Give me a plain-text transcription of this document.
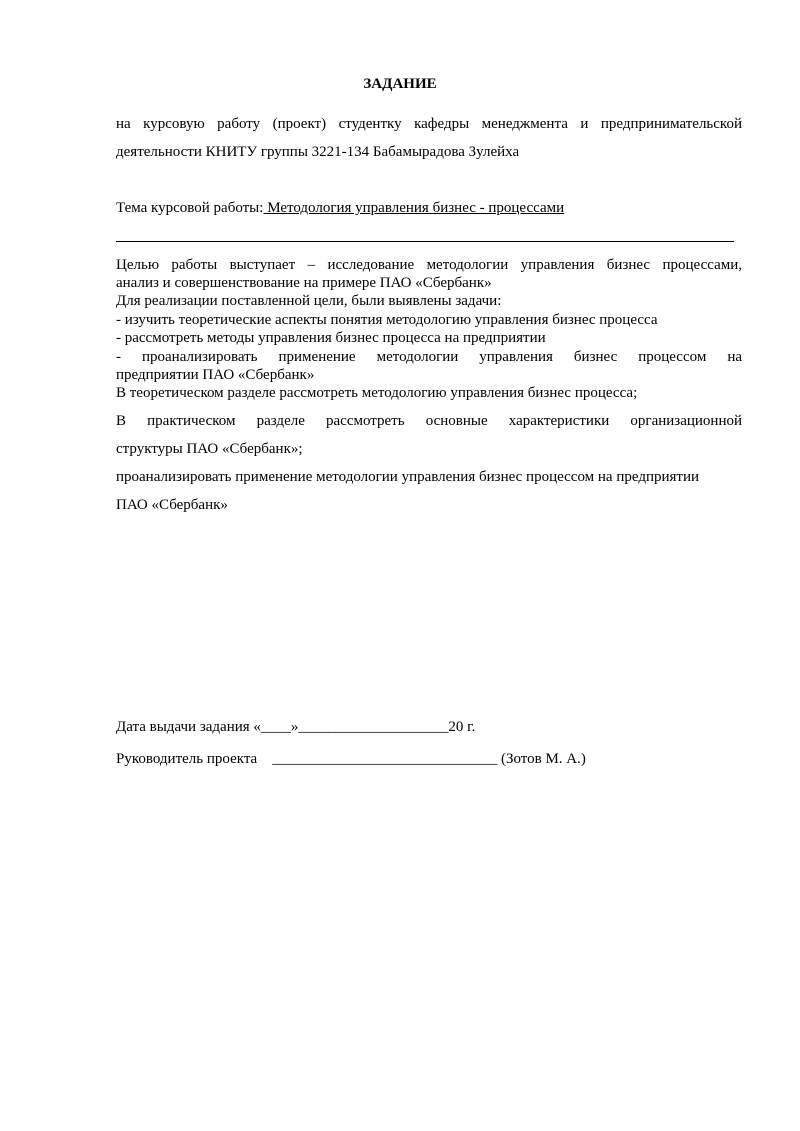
ЗАДАНИЕ
на курсовую работу (проект) студентку кафедры менеджмента и предпринимательской
деятельности КНИТУ группы 3221-134 Бабамырадова Зулейха
Тема курсовой работы: Методология управления бизнес - процессами
Целью работы выступает – исследование методологии управления бизнес процессами,
анализ и совершенствование на примере ПАО «Сбербанк»
Для реализации поставленной цели, были выявлены задачи:
- изучить теоретические аспекты понятия методологию управления бизнес процесса
- рассмотреть методы управления бизнес процесса на предприятии
- проанализировать применение методологии управления бизнес процессом на
предприятии ПАО «Сбербанк»
В теоретическом разделе рассмотреть методологию управления бизнес процесса;
В практическом разделе рассмотреть основные характеристики организационной
структуры ПАО «Сбербанк»;
проанализировать применение методологии управления бизнес процессом на предприятии
ПАО «Сбербанк»
Дата выдачи задания «____»____________________20 г.
Руководитель проекта ______________________________ (Зотов М. А.)
